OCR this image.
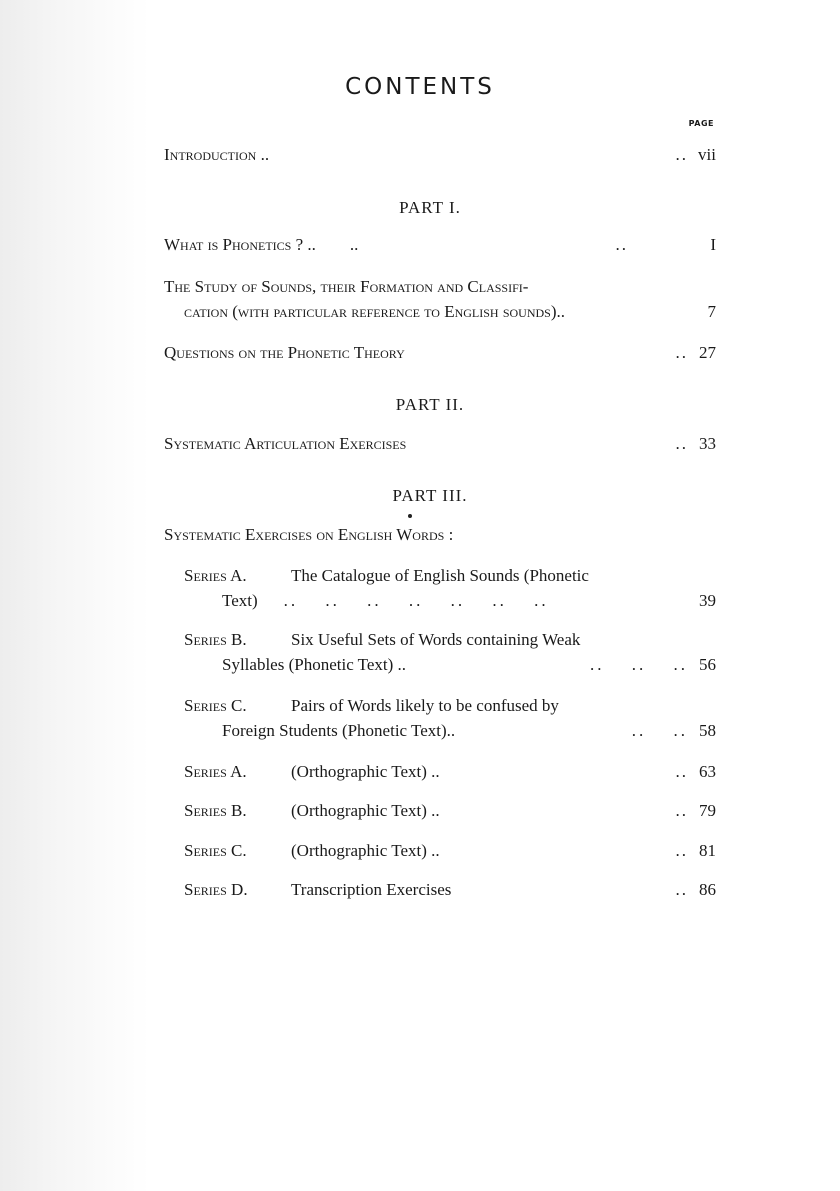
CONTENTS
PAGE
Introduction ..	.. vii
PART I.
What is Phonetics ? .. ..	..	I
The Study of Sounds, their Formation and Classifi-
cation (with particular reference to English sounds)..	7
Questions on the Phonetic Theory	.. 27
PART II.
Systematic Articulation Exercises	.. 33
PART III.
Systematic Exercises on English Words :
Series A.	The Catalogue of English Sounds (Phonetic
Text) .. .. .. .. .. .. ..	39
Series B.	Six Useful Sets of Words containing Weak
Syllables (Phonetic Text) ..	.. .. .. 56
Series C.	Pairs of Words likely to be confused by
Foreign Students (Phonetic Text)..	.. .. 58
Series A.	(Orthographic Text) ..	.. 63
Series B.	(Orthographic Text) ..	.. 79
Series C.	(Orthographic Text) ..	.. 81
Series D.	Transcription Exercises	.. 86
